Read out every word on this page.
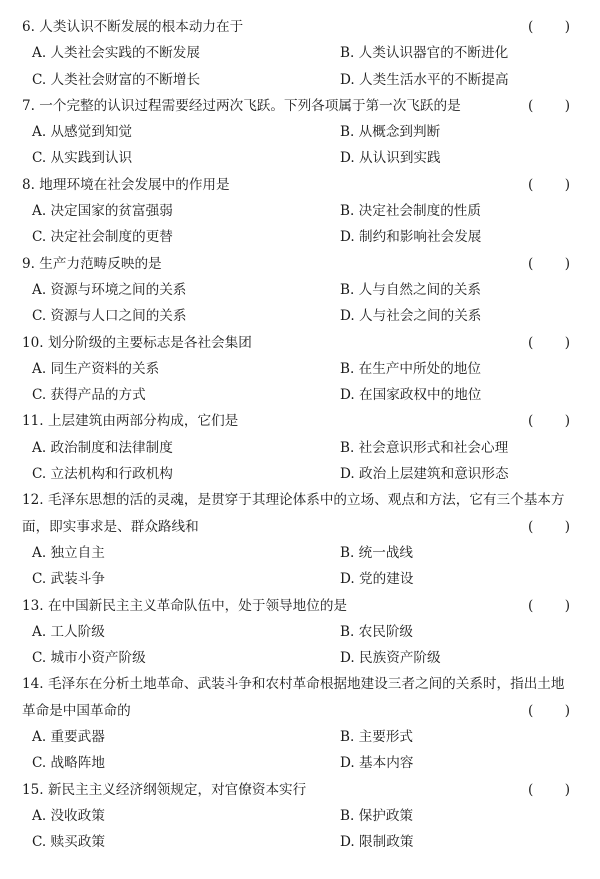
6. 人类认识不断发展的根本动力在于	( )
A. 人类社会实践的不断发展	B. 人类认识器官的不断进化
C. 人类社会财富的不断增长	D. 人类生活水平的不断提高
7. 一个完整的认识过程需要经过两次飞跃。下列各项属于第一次飞跃的是	( )
A. 从感觉到知觉	B. 从概念到判断
C. 从实践到认识	D. 从认识到实践
8. 地理环境在社会发展中的作用是	( )
A. 决定国家的贫富强弱	B. 决定社会制度的性质
C. 决定社会制度的更替	D. 制约和影响社会发展
9. 生产力范畴反映的是	( )
A. 资源与环境之间的关系	B. 人与自然之间的关系
C. 资源与人口之间的关系	D. 人与社会之间的关系
10. 划分阶级的主要标志是各社会集团	( )
A. 同生产资料的关系	B. 在生产中所处的地位
C. 获得产品的方式	D. 在国家政权中的地位
11. 上层建筑由两部分构成，它们是	( )
A. 政治制度和法律制度	B. 社会意识形式和社会心理
C. 立法机构和行政机构	D. 政治上层建筑和意识形态
12. 毛泽东思想的活的灵魂，是贯穿于其理论体系中的立场、观点和方法，它有三个基本方
面，即实事求是、群众路线和	( )
A. 独立自主	B. 统一战线
C. 武装斗争	D. 党的建设
13. 在中国新民主主义革命队伍中，处于领导地位的是	( )
A. 工人阶级	B. 农民阶级
C. 城市小资产阶级	D. 民族资产阶级
14. 毛泽东在分析土地革命、武装斗争和农村革命根据地建设三者之间的关系时，指出土地
革命是中国革命的	( )
A. 重要武器	B. 主要形式
C. 战略阵地	D. 基本内容
15. 新民主主义经济纲领规定，对官僚资本实行	( )
A. 没收政策	B. 保护政策
C. 赎买政策	D. 限制政策
